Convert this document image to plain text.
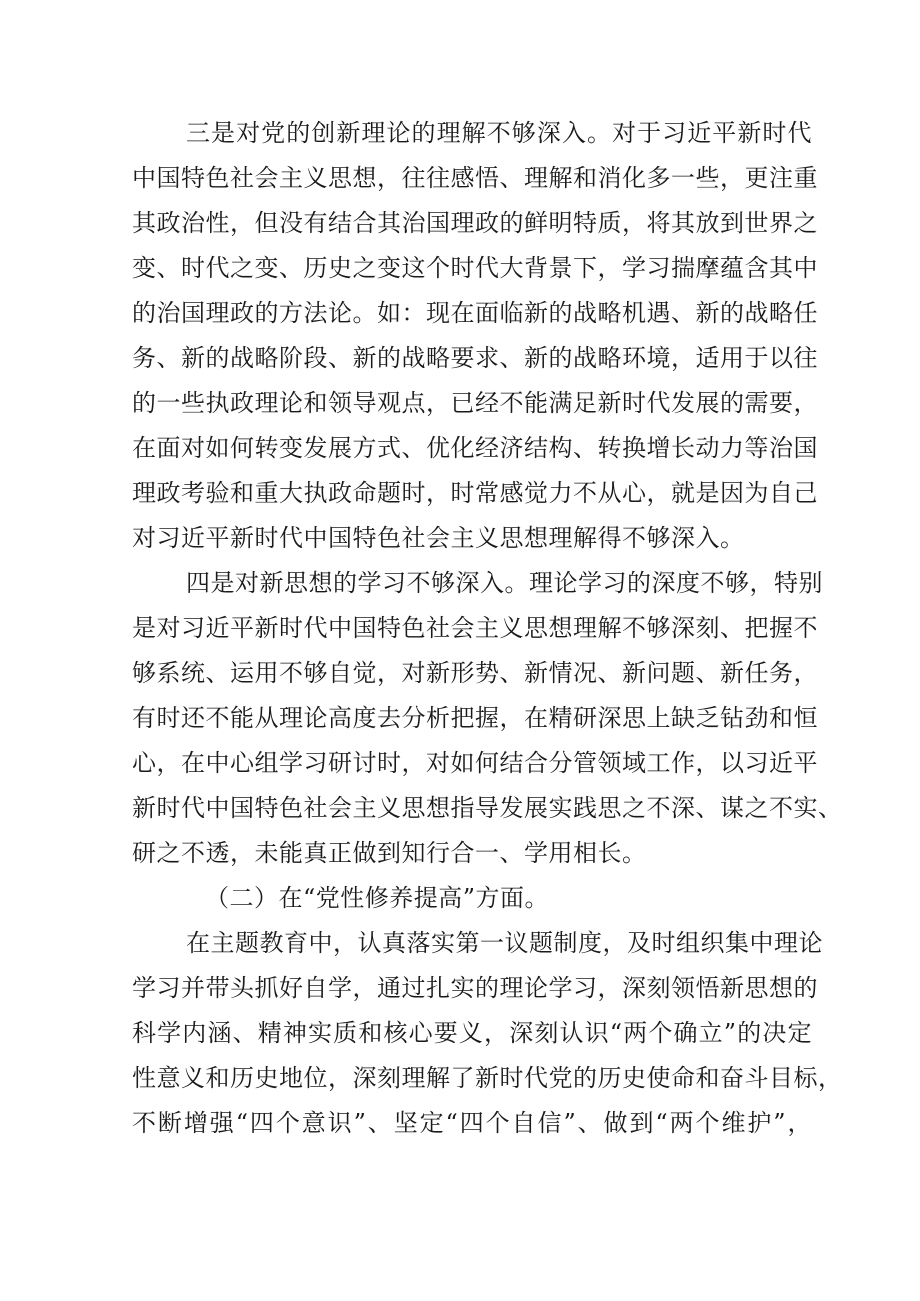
三是对党的创新理论的理解不够深入。对于习近平新时代
中国特色社会主义思想，往往感悟、理解和消化多一些，更注重
其政治性，但没有结合其治国理政的鲜明特质，将其放到世界之
变、时代之变、历史之变这个时代大背景下，学习揣摩蕴含其中
的治国理政的方法论。如：现在面临新的战略机遇、新的战略任
务、新的战略阶段、新的战略要求、新的战略环境，适用于以往
的一些执政理论和领导观点，已经不能满足新时代发展的需要，
在面对如何转变发展方式、优化经济结构、转换增长动力等治国
理政考验和重大执政命题时，时常感觉力不从心，就是因为自己
对习近平新时代中国特色社会主义思想理解得不够深入。
四是对新思想的学习不够深入。理论学习的深度不够，特别
是对习近平新时代中国特色社会主义思想理解不够深刻、把握不
够系统、运用不够自觉，对新形势、新情况、新问题、新任务，
有时还不能从理论高度去分析把握，在精研深思上缺乏钻劲和恒
心，在中心组学习研讨时，对如何结合分管领域工作，以习近平
新时代中国特色社会主义思想指导发展实践思之不深、谋之不实、
研之不透，未能真正做到知行合一、学用相长。
（二）在“党性修养提高”方面。
在主题教育中，认真落实第一议题制度，及时组织集中理论
学习并带头抓好自学，通过扎实的理论学习，深刻领悟新思想的
科学内涵、精神实质和核心要义，深刻认识“两个确立”的决定
性意义和历史地位，深刻理解了新时代党的历史使命和奋斗目标，
不断增强“四个意识”、坚定“四个自信”、做到“两个维护”，
